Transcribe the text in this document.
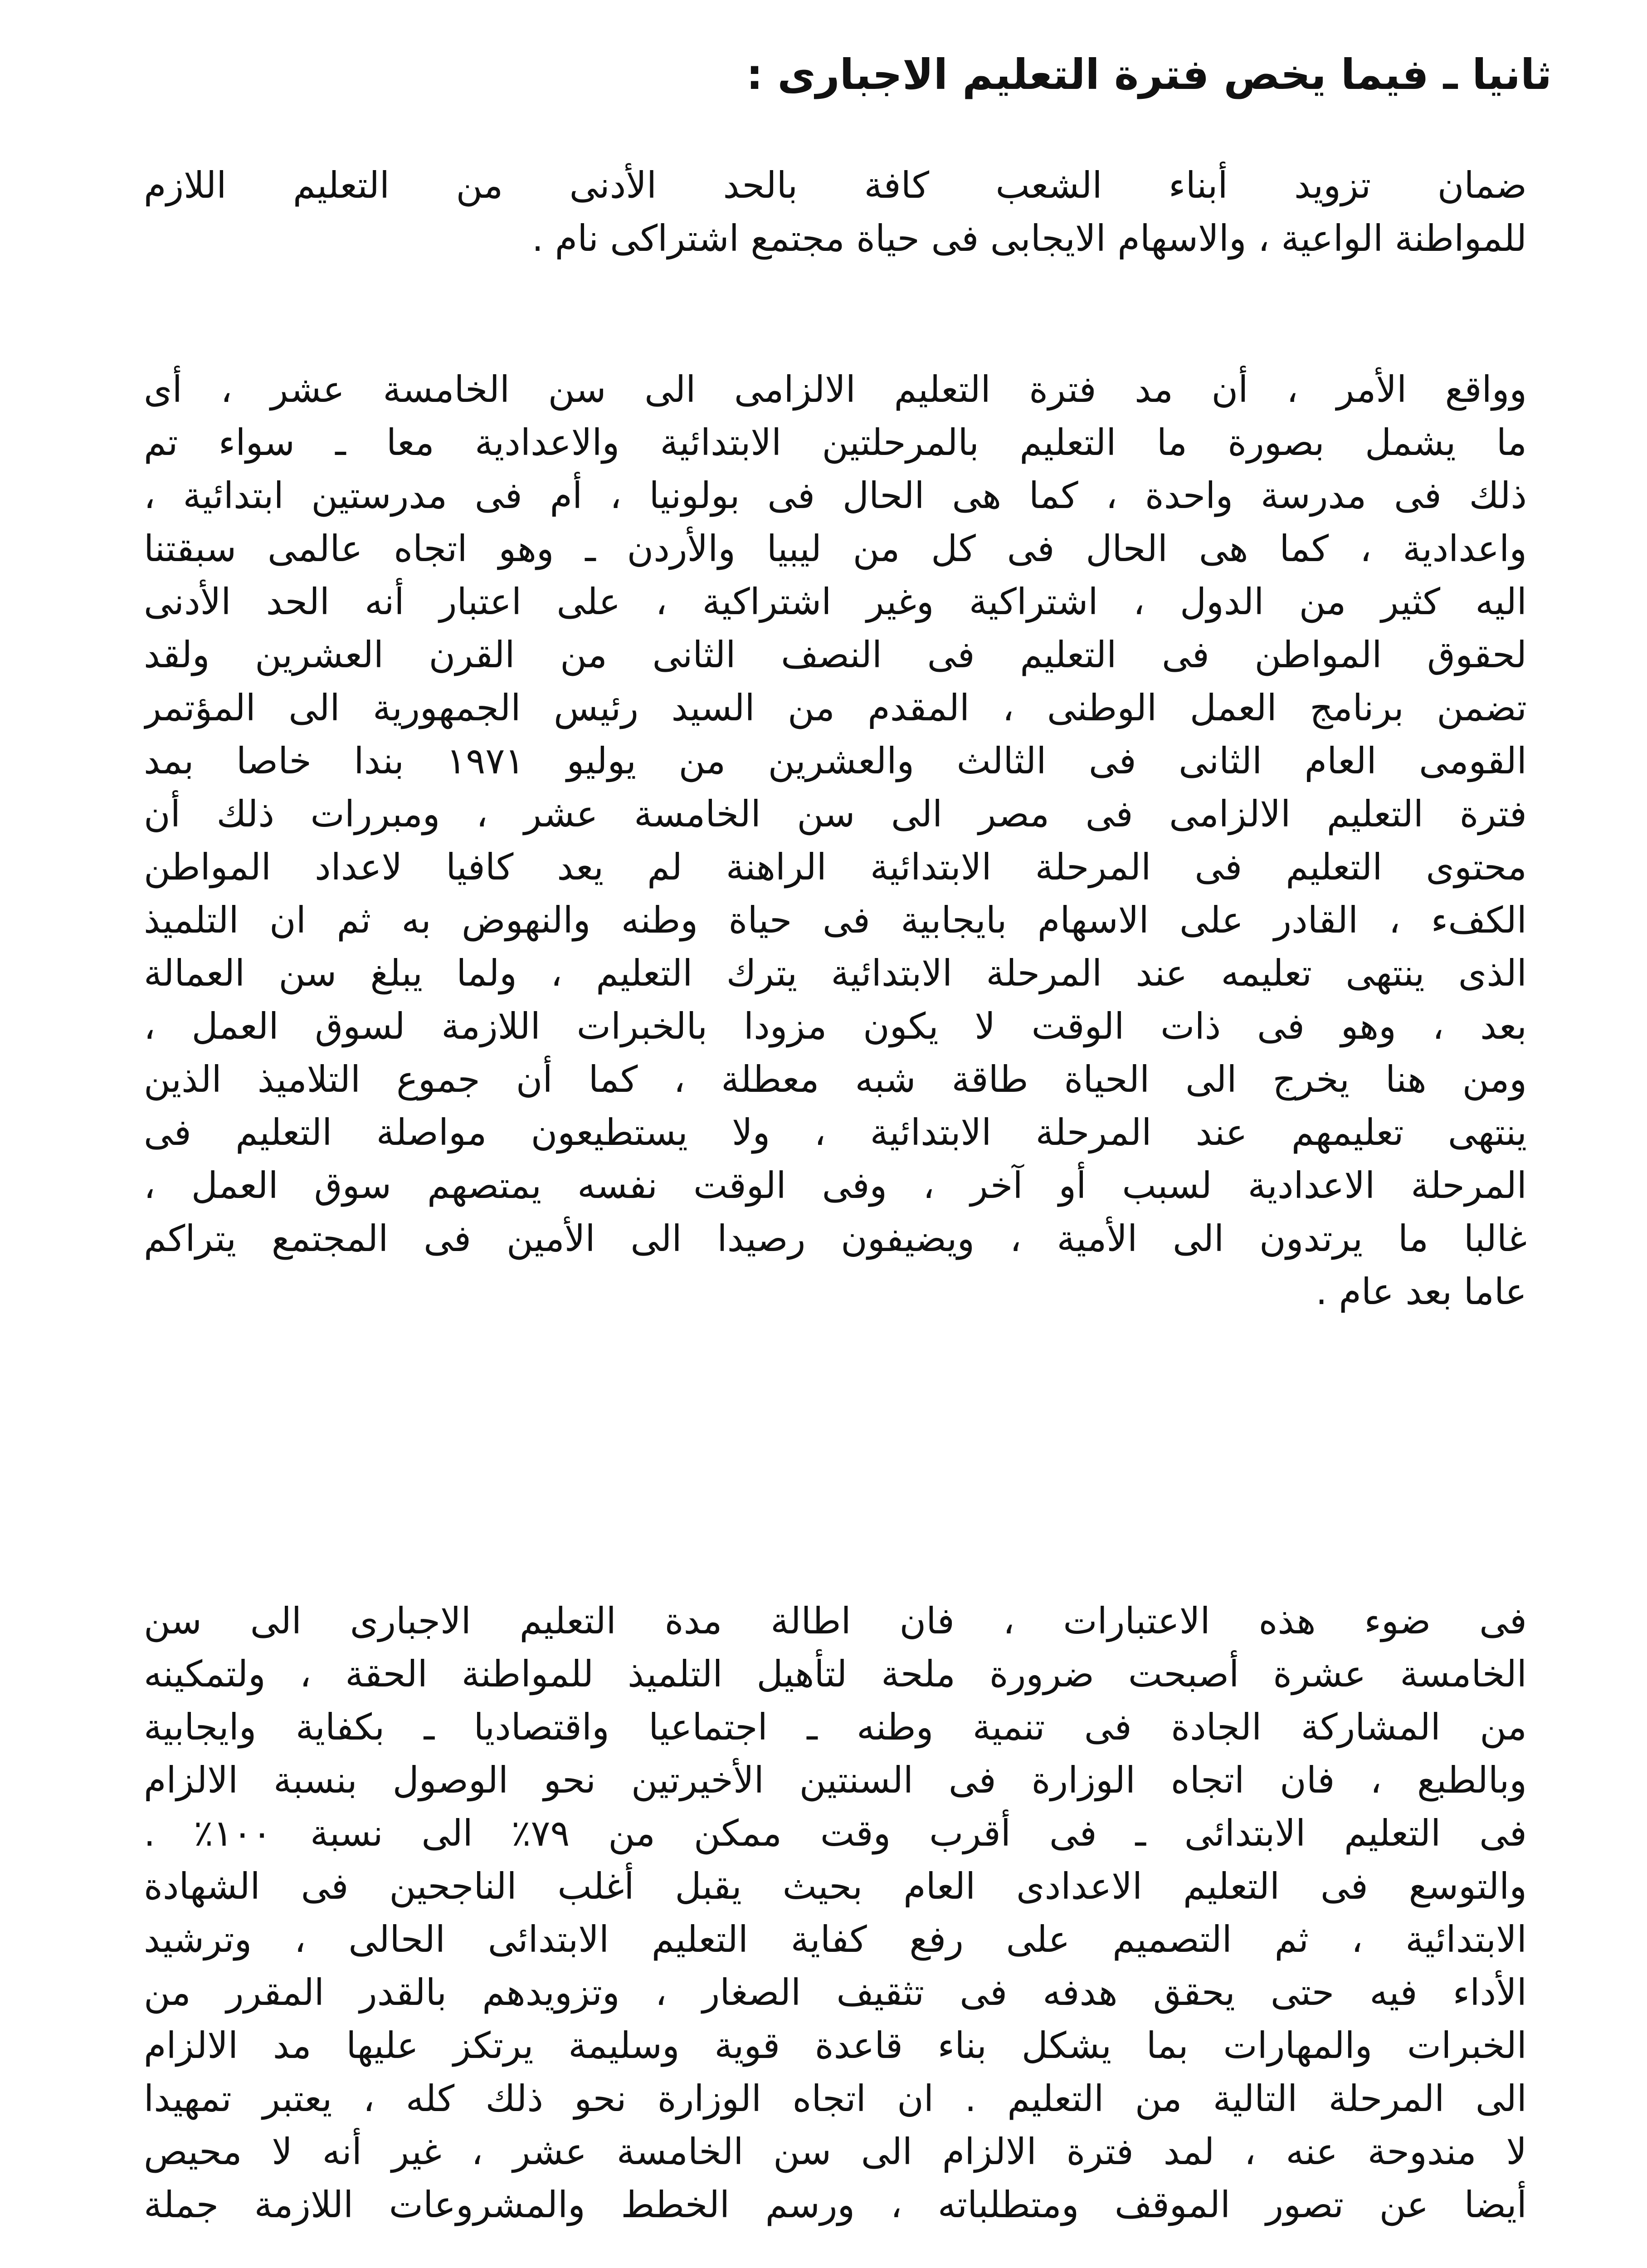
ثانيا ـ فيما يخص فترة التعليم الاجبارى :
ضمان تزويد أبناء الشعب كافة بالحد الأدنى من التعليم اللازم
للمواطنة الواعية ، والاسهام الايجابى فى حياة مجتمع اشتراكى نام .
وواقع الأمر ، أن مد فترة التعليم الالزامى الى سن الخامسة عشر ، أى
ما يشمل بصورة ما التعليم بالمرحلتين الابتدائية والاعدادية معا ـ سواء تم
ذلك فى مدرسة واحدة ، كما هى الحال فى بولونيا ، أم فى مدرستين ابتدائية ،
واعدادية ، كما هى الحال فى كل من ليبيا والأردن ـ وهو اتجاه عالمى سبقتنا
اليه كثير من الدول ، اشتراكية وغير اشتراكية ، على اعتبار أنه الحد الأدنى
لحقوق المواطن فى التعليم فى النصف الثانى من القرن العشرين ولقد
تضمن برنامج العمل الوطنى ، المقدم من السيد رئيس الجمهورية الى المؤتمر
القومى العام الثانى فى الثالث والعشرين من يوليو ١٩٧١ بندا خاصا بمد
فترة التعليم الالزامى فى مصر الى سن الخامسة عشر ، ومبررات ذلك أن
محتوى التعليم فى المرحلة الابتدائية الراهنة لم يعد كافيا لاعداد المواطن
الكفء ، القادر على الاسهام بايجابية فى حياة وطنه والنهوض به ثم ان التلميذ
الذى ينتهى تعليمه عند المرحلة الابتدائية يترك التعليم ، ولما يبلغ سن العمالة
بعد ، وهو فى ذات الوقت لا يكون مزودا بالخبرات اللازمة لسوق العمل ،
ومن هنا يخرج الى الحياة طاقة شبه معطلة ، كما أن جموع التلاميذ الذين
ينتهى تعليمهم عند المرحلة الابتدائية ، ولا يستطيعون مواصلة التعليم فى
المرحلة الاعدادية لسبب أو آخر ، وفى الوقت نفسه يمتصهم سوق العمل ،
غالبا ما يرتدون الى الأمية ، ويضيفون رصيدا الى الأمين فى المجتمع يتراكم
عاما بعد عام .
فى ضوء هذه الاعتبارات ، فان اطالة مدة التعليم الاجبارى الى سن
الخامسة عشرة أصبحت ضرورة ملحة لتأهيل التلميذ للمواطنة الحقة ، ولتمكينه
من المشاركة الجادة فى تنمية وطنه ـ اجتماعيا واقتصاديا ـ بكفاية وايجابية
وبالطبع ، فان اتجاه الوزارة فى السنتين الأخيرتين نحو الوصول بنسبة الالزام
فى التعليم الابتدائى ـ فى أقرب وقت ممكن من ٧٩٪ الى نسبة ١٠٠٪ .
والتوسع فى التعليم الاعدادى العام بحيث يقبل أغلب الناجحين فى الشهادة
الابتدائية ، ثم التصميم على رفع كفاية التعليم الابتدائى الحالى ، وترشيد
الأداء فيه حتى يحقق هدفه فى تثقيف الصغار ، وتزويدهم بالقدر المقرر من
الخبرات والمهارات بما يشكل بناء قاعدة قوية وسليمة يرتكز عليها مد الالزام
الى المرحلة التالية من التعليم . ان اتجاه الوزارة نحو ذلك كله ، يعتبر تمهيدا
لا مندوحة عنه ، لمد فترة الالزام الى سن الخامسة عشر ، غير أنه لا محيص
أيضا عن تصور الموقف ومتطلباته ، ورسم الخطط والمشروعات اللازمة جملة
